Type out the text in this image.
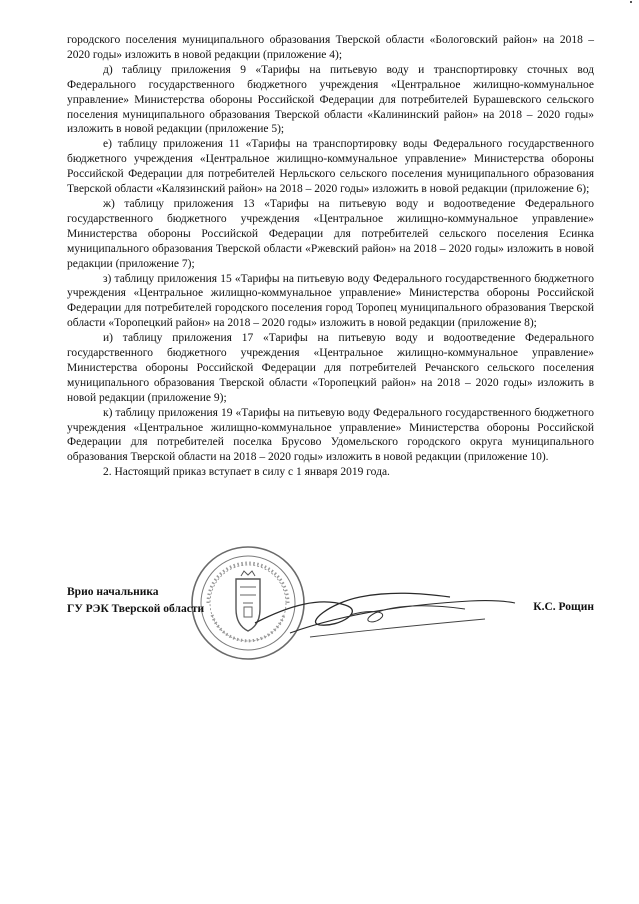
городского поселения муниципального образования Тверской области «Бологовский район» на 2018 – 2020 годы» изложить в новой редакции (приложение 4);

д) таблицу приложения 9 «Тарифы на питьевую воду и транспортировку сточных вод Федерального государственного бюджетного учреждения «Центральное жилищно-коммунальное управление» Министерства обороны Российской Федерации для потребителей Бурашевского сельского поселения муниципального образования Тверской области «Калининский район» на 2018 – 2020 годы» изложить в новой редакции (приложение 5);

е) таблицу приложения 11 «Тарифы на транспортировку воды Федерального государственного бюджетного учреждения «Центральное жилищно-коммунальное управление» Министерства обороны Российской Федерации для потребителей Нерльского сельского поселения муниципального образования Тверской области «Калязинский район» на 2018 – 2020 годы» изложить в новой редакции (приложение 6);

ж) таблицу приложения 13 «Тарифы на питьевую воду и водоотведение Федерального государственного бюджетного учреждения «Центральное жилищно-коммунальное управление» Министерства обороны Российской Федерации для потребителей сельского поселения Есинка муниципального образования Тверской области «Ржевский район» на 2018 – 2020 годы» изложить в новой редакции (приложение 7);

з) таблицу приложения 15 «Тарифы на питьевую воду Федерального государственного бюджетного учреждения «Центральное жилищно-коммунальное управление» Министерства обороны Российской Федерации для потребителей городского поселения город Торопец муниципального образования Тверской области «Торопецкий район» на 2018 – 2020 годы» изложить в новой редакции (приложение 8);

и) таблицу приложения 17 «Тарифы на питьевую воду и водоотведение Федерального государственного бюджетного учреждения «Центральное жилищно-коммунальное управление» Министерства обороны Российской Федерации для потребителей Речанского сельского поселения муниципального образования Тверской области «Торопецкий район» на 2018 – 2020 годы» изложить в новой редакции (приложение 9);

к) таблицу приложения 19 «Тарифы на питьевую воду Федерального государственного бюджетного учреждения «Центральное жилищно-коммунальное управление» Министерства обороны Российской Федерации для потребителей поселка Брусово Удомельского городского округа муниципального образования Тверской области на 2018 – 2020 годы» изложить в новой редакции (приложение 10).

2. Настоящий приказ вступает в силу с 1 января 2019 года.

Врио начальника
ГУ РЭК Тверской области	К.С. Рощин
